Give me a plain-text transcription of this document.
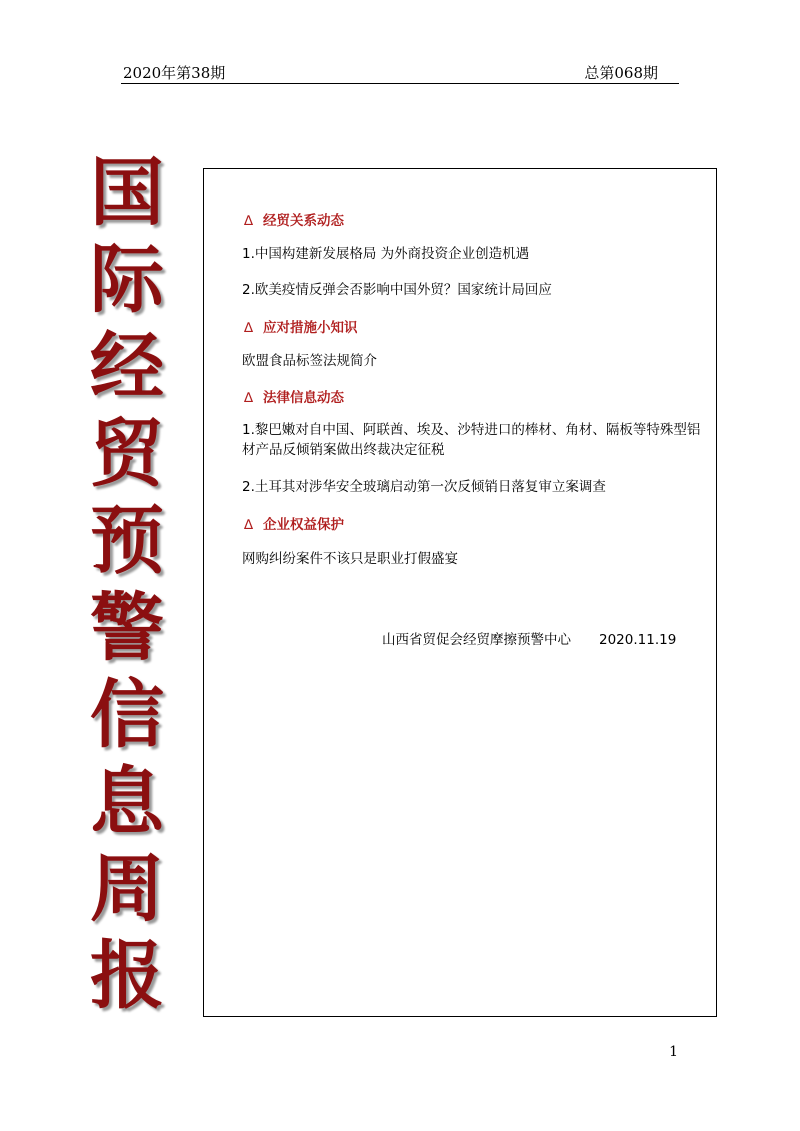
2020年第38期	总第068期
国
际
经
贸
预
警
信
息
周
报
∆ 经贸关系动态
1.中国构建新发展格局 为外商投资企业创造机遇
2.欧美疫情反弹会否影响中国外贸？国家统计局回应
∆ 应对措施小知识
欧盟食品标签法规简介
∆ 法律信息动态
1.黎巴嫩对自中国、阿联酋、埃及、沙特进口的棒材、角材、隔板等特殊型铝材产品反倾销案做出终裁决定征税
2.土耳其对涉华安全玻璃启动第一次反倾销日落复审立案调查
∆ 企业权益保护
网购纠纷案件不该只是职业打假盛宴
山西省贸促会经贸摩擦预警中心 2020.11.19
1
